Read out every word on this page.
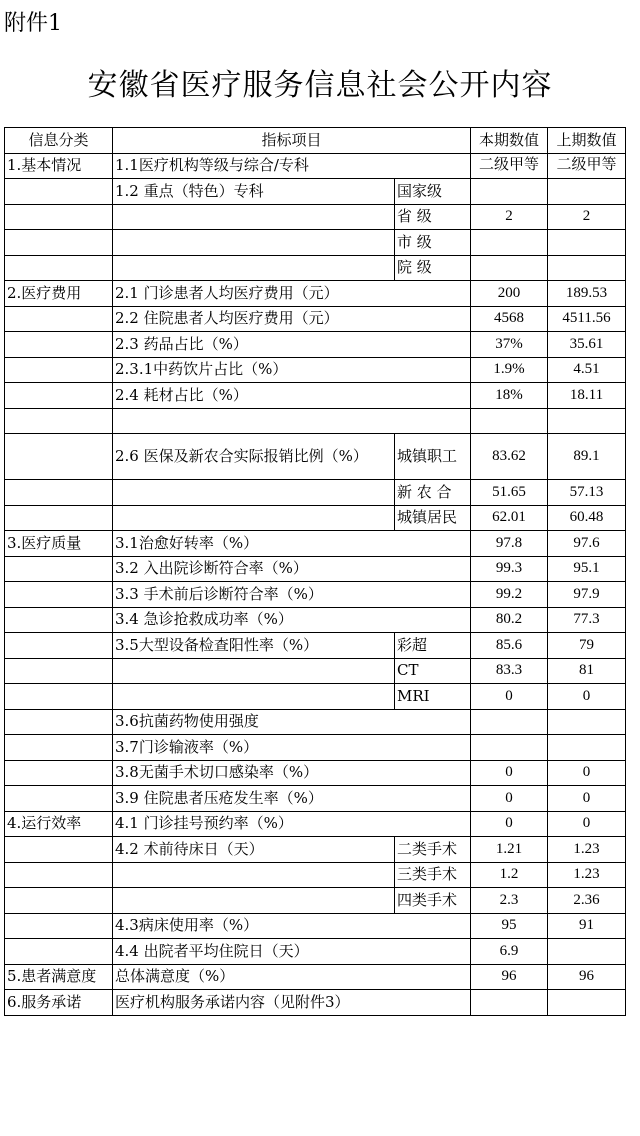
附件1
安徽省医疗服务信息社会公开内容
信息分类	指标项目		本期数值	上期数值
1.基本情况	1.1医疗机构等级与综合/专科		二级甲等	二级甲等
	1.2 重点（特色）专科	国家级		
		省 级	2	2
		市 级		
		院 级		
2.医疗费用	2.1 门诊患者人均医疗费用（元）		200	189.53
	2.2 住院患者人均医疗费用（元）		4568	4511.56
	2.3 药品占比（%）		37%	35.61
	2.3.1中药饮片占比（%）		1.9%	4.51
	2.4 耗材占比（%）		18%	18.11

	2.6 医保及新农合实际报销比例（%）	城镇职工	83.62	89.1
		新 农 合	51.65	57.13
		城镇居民	62.01	60.48
3.医疗质量	3.1治愈好转率（%）		97.8	97.6
	3.2 入出院诊断符合率（%）		99.3	95.1
	3.3 手术前后诊断符合率（%）		99.2	97.9
	3.4 急诊抢救成功率（%）		80.2	77.3
	3.5大型设备检查阳性率（%）	彩超	85.6	79
		CT	83.3	81
		MRI	0	0
	3.6抗菌药物使用强度			
	3.7门诊输液率（%）			
	3.8无菌手术切口感染率（%）		0	0
	3.9 住院患者压疮发生率（%）		0	0
4.运行效率	4.1 门诊挂号预约率（%）		0	0
	4.2 术前待床日（天）	二类手术	1.21	1.23
		三类手术	1.2	1.23
		四类手术	2.3	2.36
	4.3病床使用率（%）		95	91
	4.4 出院者平均住院日（天）		6.9	
5.患者满意度	总体满意度（%）		96	96
6.服务承诺	医疗机构服务承诺内容（见附件3）			
